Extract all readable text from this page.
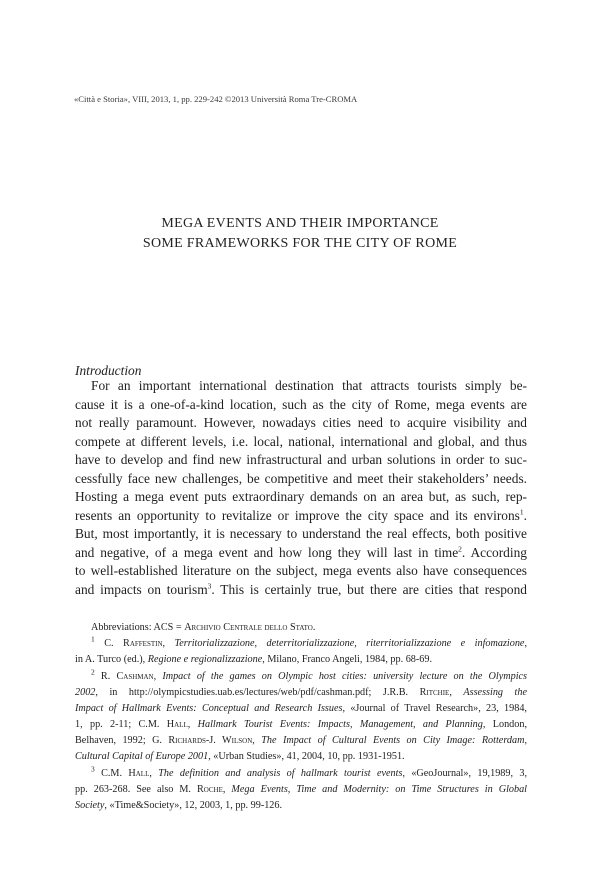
«Città e Storia», VIII, 2013, 1, pp. 229-242 ©2013 Università Roma Tre-CROMA
MEGA EVENTS AND THEIR IMPORTANCE
SOME FRAMEWORKS FOR THE CITY OF ROME
Introduction
For an important international destination that attracts tourists simply be-
cause it is a one-of-a-kind location, such as the city of Rome, mega events are
not really paramount. However, nowadays cities need to acquire visibility and
compete at different levels, i.e. local, national, international and global, and thus
have to develop and find new infrastructural and urban solutions in order to suc-
cessfully face new challenges, be competitive and meet their stakeholders’ needs.
Hosting a mega event puts extraordinary demands on an area but, as such, rep-
resents an opportunity to revitalize or improve the city space and its environs$^1$.
But, most importantly, it is necessary to understand the real effects, both positive
and negative, of a mega event and how long they will last in time$^2$. According
to well-established literature on the subject, mega events also have consequences
and impacts on tourism$^3$. This is certainly true, but there are cities that respond
Abbreviations: ACS = Archivio Centrale dello Stato.
$^1$ C. Raffestin, Territorializzazione, deterritorializzazione, riterritorializzazione e infomazione,
in A. Turco (ed.), Regione e regionalizzazione, Milano, Franco Angeli, 1984, pp. 68-69.
$^2$ R. Cashman, Impact of the games on Olympic host cities: university lecture on the Olympics
2002, in http://olympicstudies.uab.es/lectures/web/pdf/cashman.pdf; J.R.B. Ritchie, Assessing the
Impact of Hallmark Events: Conceptual and Research Issues, «Journal of Travel Research», 23, 1984,
1, pp. 2-11; C.M. Hall, Hallmark Tourist Events: Impacts, Management, and Planning, London,
Belhaven, 1992; G. Richards-J. Wilson, The Impact of Cultural Events on City Image: Rotterdam,
Cultural Capital of Europe 2001, «Urban Studies», 41, 2004, 10, pp. 1931-1951.
$^3$ C.M. Hall, The definition and analysis of hallmark tourist events, «GeoJournal», 19,1989, 3,
pp. 263-268. See also M. Roche, Mega Events, Time and Modernity: on Time Structures in Global
Society, «Time&Society», 12, 2003, 1, pp. 99-126.
